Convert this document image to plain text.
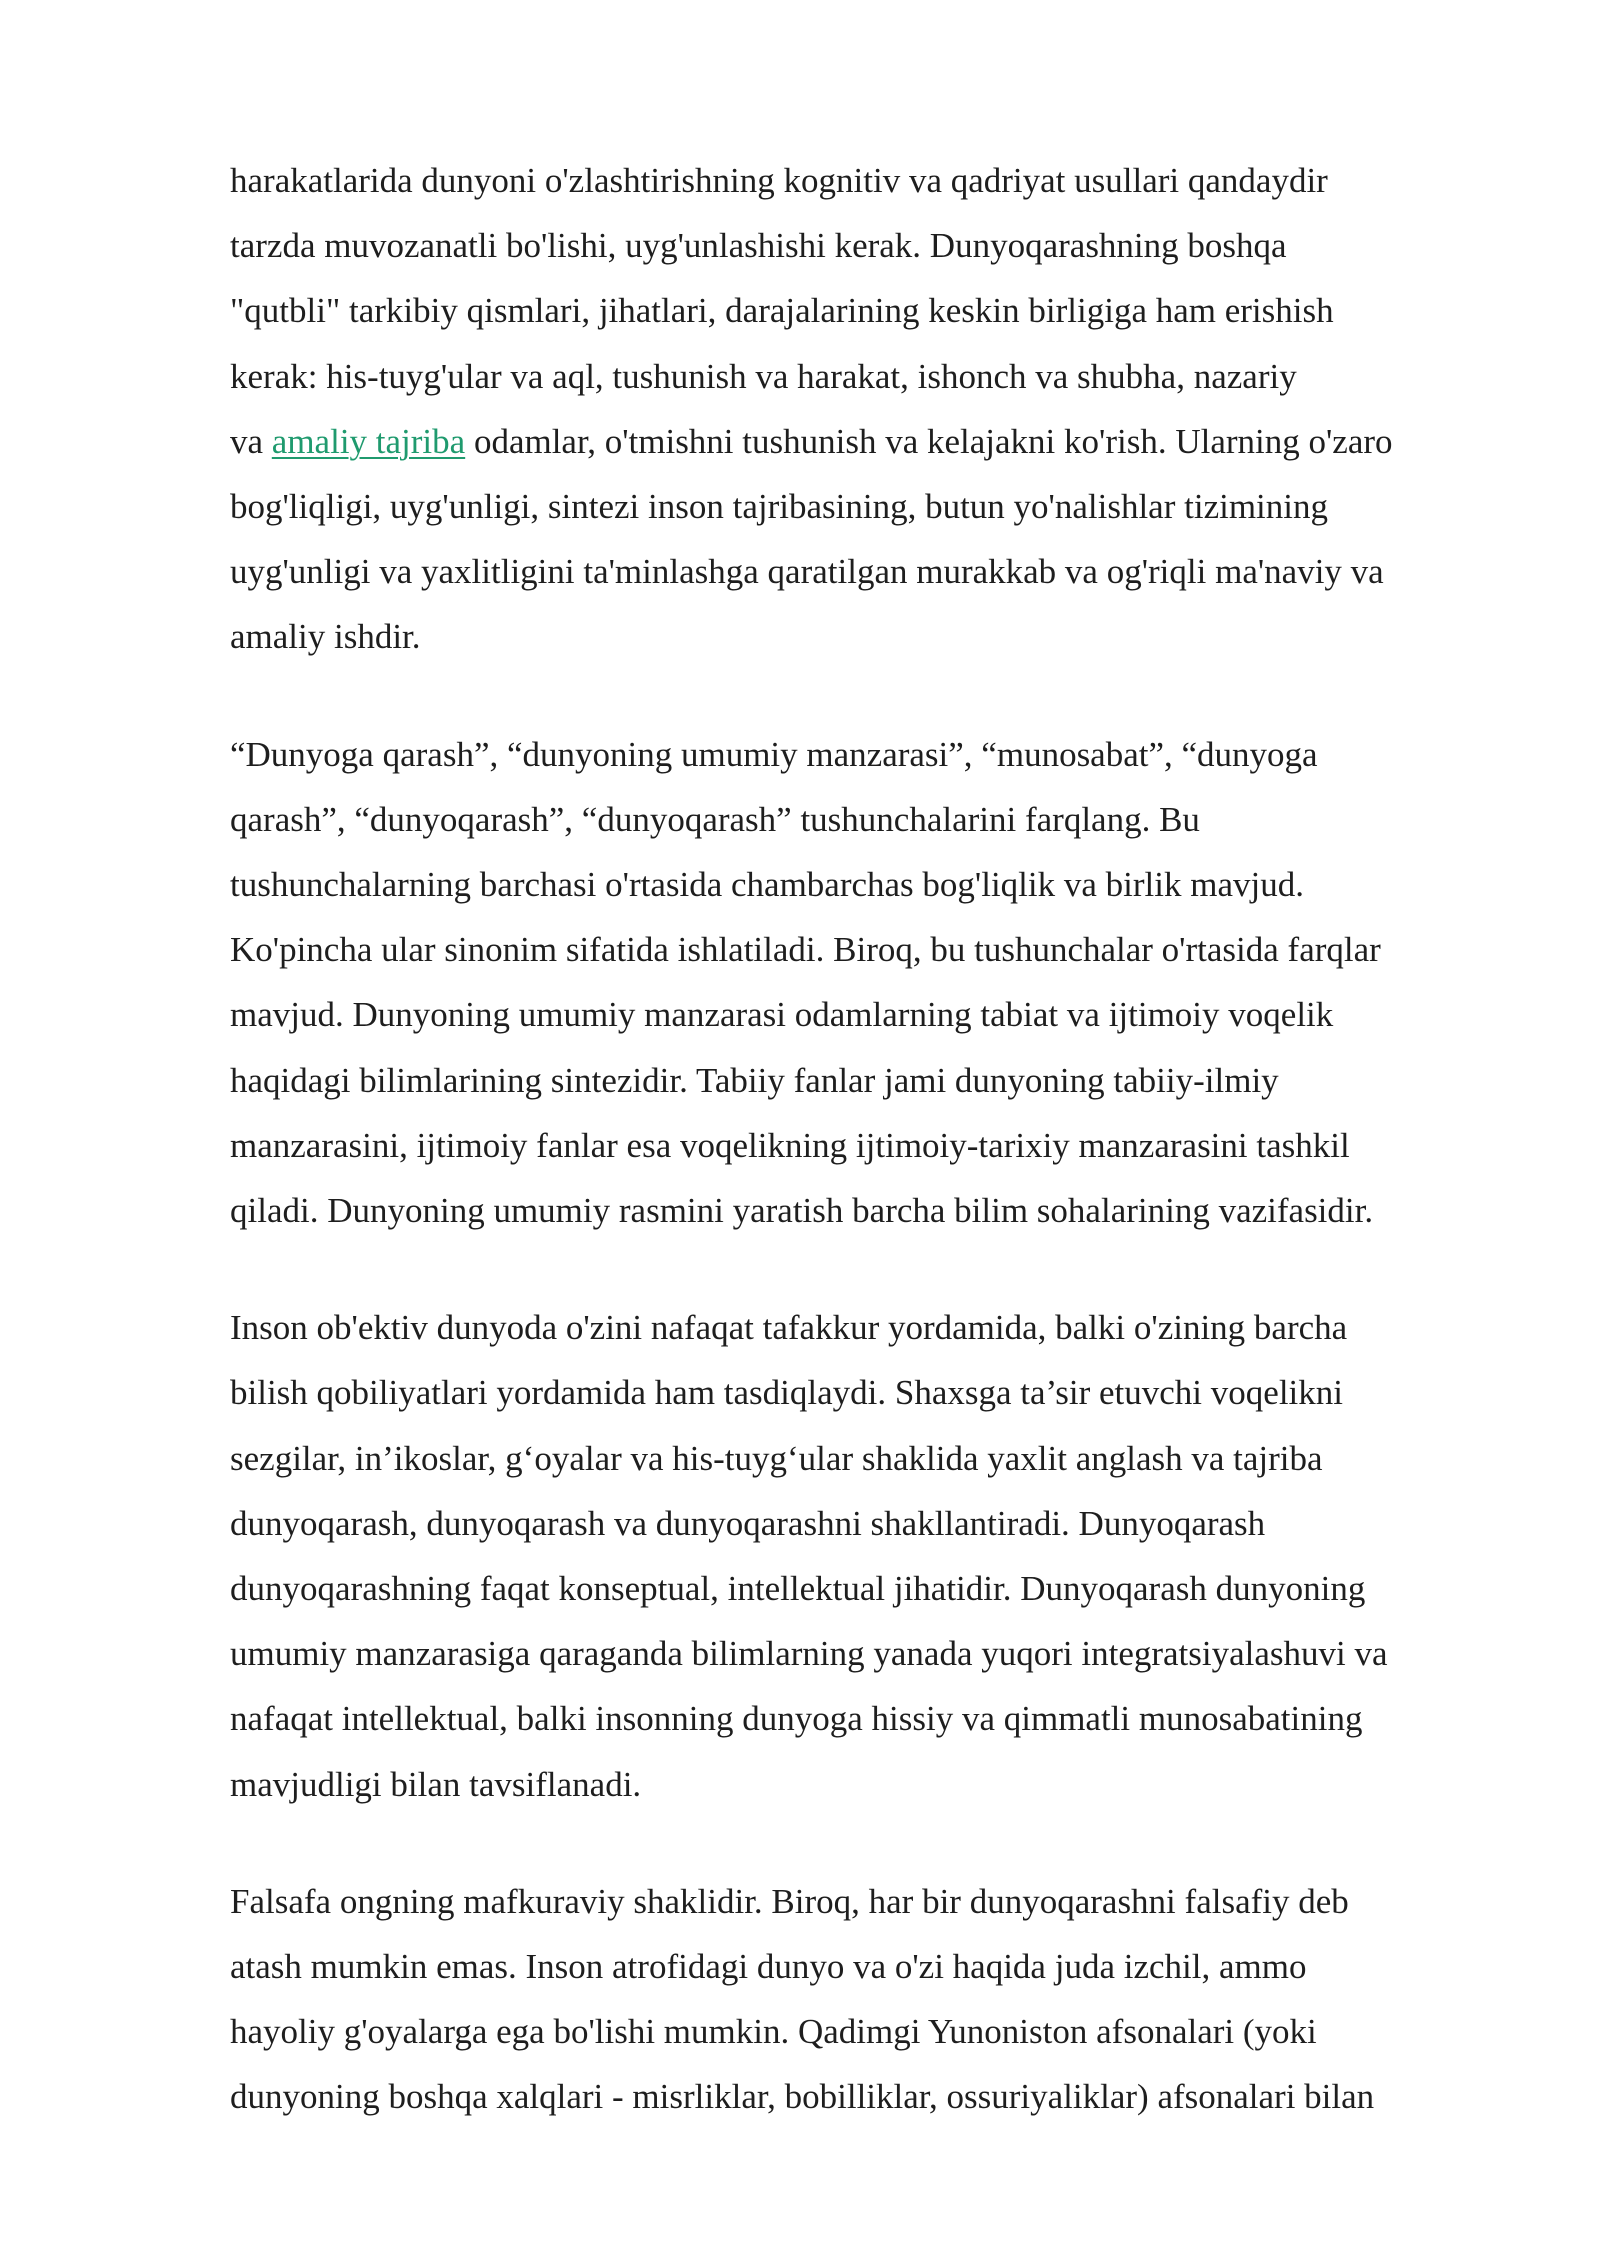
harakatlarida dunyoni o'zlashtirishning kognitiv va qadriyat usullari qandaydir
tarzda muvozanatli bo'lishi, uyg'unlashishi kerak. Dunyoqarashning boshqa
"qutbli" tarkibiy qismlari, jihatlari, darajalarining keskin birligiga ham erishish
kerak: his-tuyg'ular va aql, tushunish va harakat, ishonch va shubha, nazariy
va amaliy tajriba odamlar, o'tmishni tushunish va kelajakni ko'rish. Ularning o'zaro
bog'liqligi, uyg'unligi, sintezi inson tajribasining, butun yo'nalishlar tizimining
uyg'unligi va yaxlitligini ta'minlashga qaratilgan murakkab va og'riqli ma'naviy va
amaliy ishdir.

“Dunyoga qarash”, “dunyoning umumiy manzarasi”, “munosabat”, “dunyoga
qarash”, “dunyoqarash”, “dunyoqarash” tushunchalarini farqlang. Bu
tushunchalarning barchasi o'rtasida chambarchas bog'liqlik va birlik mavjud.
Ko'pincha ular sinonim sifatida ishlatiladi. Biroq, bu tushunchalar o'rtasida farqlar
mavjud. Dunyoning umumiy manzarasi odamlarning tabiat va ijtimoiy voqelik
haqidagi bilimlarining sintezidir. Tabiiy fanlar jami dunyoning tabiiy-ilmiy
manzarasini, ijtimoiy fanlar esa voqelikning ijtimoiy-tarixiy manzarasini tashkil
qiladi. Dunyoning umumiy rasmini yaratish barcha bilim sohalarining vazifasidir.

Inson ob'ektiv dunyoda o'zini nafaqat tafakkur yordamida, balki o'zining barcha
bilish qobiliyatlari yordamida ham tasdiqlaydi. Shaxsga ta’sir etuvchi voqelikni
sezgilar, in’ikoslar, g‘oyalar va his-tuyg‘ular shaklida yaxlit anglash va tajriba
dunyoqarash, dunyoqarash va dunyoqarashni shakllantiradi. Dunyoqarash
dunyoqarashning faqat konseptual, intellektual jihatidir. Dunyoqarash dunyoning
umumiy manzarasiga qaraganda bilimlarning yanada yuqori integratsiyalashuvi va
nafaqat intellektual, balki insonning dunyoga hissiy va qimmatli munosabatining
mavjudligi bilan tavsiflanadi.

Falsafa ongning mafkuraviy shaklidir. Biroq, har bir dunyoqarashni falsafiy deb
atash mumkin emas. Inson atrofidagi dunyo va o'zi haqida juda izchil, ammo
hayoliy g'oyalarga ega bo'lishi mumkin. Qadimgi Yunoniston afsonalari (yoki
dunyoning boshqa xalqlari - misrliklar, bobilliklar, ossuriyaliklar) afsonalari bilan
